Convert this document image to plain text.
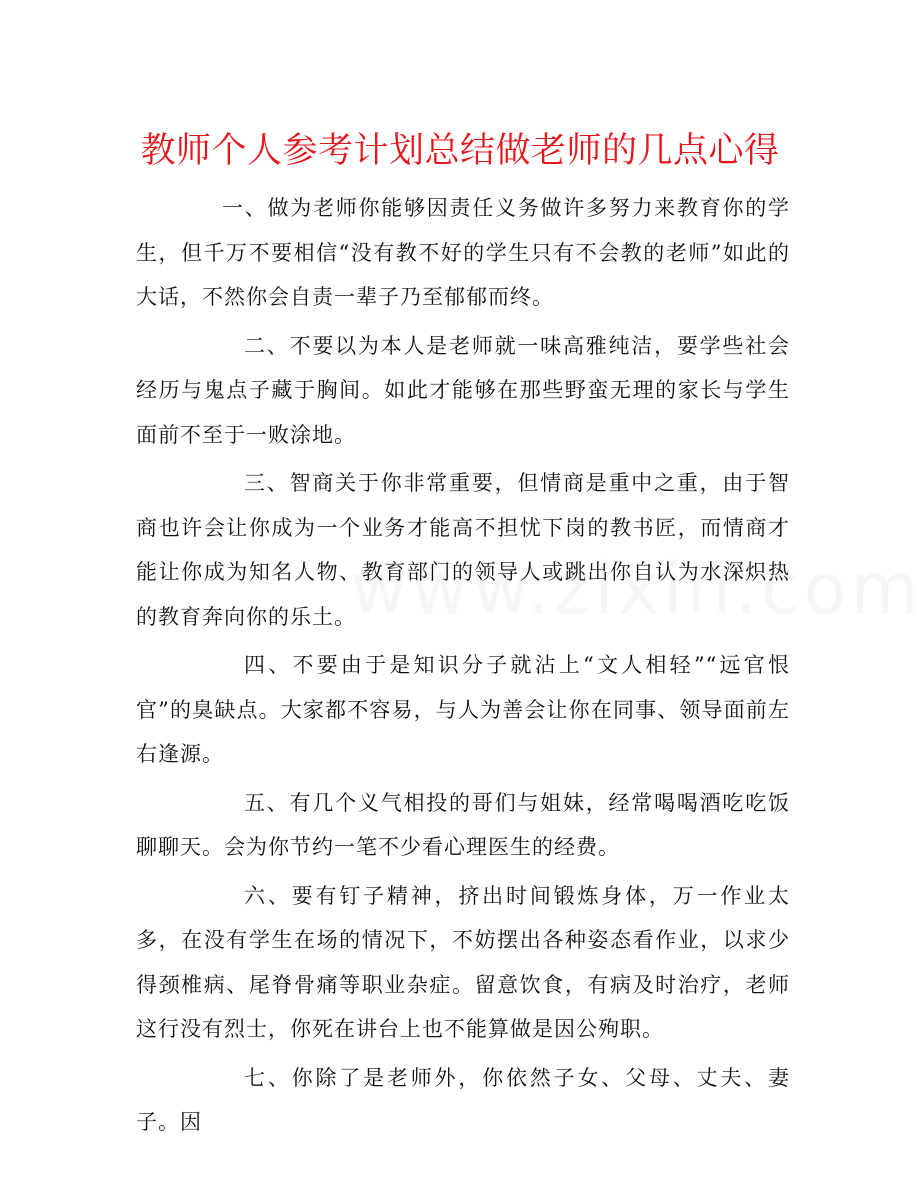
教师个人参考计划总结做老师的几点心得

一、做为老师你能够因责任义务做许多努力来教育你的学生，但千万不要相信“没有教不好的学生只有不会教的老师”如此的大话，不然你会自责一辈子乃至郁郁而终。

二、不要以为本人是老师就一味高雅纯洁，要学些社会经历与鬼点子藏于胸间。如此才能够在那些野蛮无理的家长与学生面前不至于一败涂地。

三、智商关于你非常重要，但情商是重中之重，由于智商也许会让你成为一个业务才能高不担忧下岗的教书匠，而情商才能让你成为知名人物、教育部门的领导人或跳出你自认为水深炽热的教育奔向你的乐土。

四、不要由于是知识分子就沾上“文人相轻”“远官恨官”的臭缺点。大家都不容易，与人为善会让你在同事、领导面前左右逢源。

五、有几个义气相投的哥们与姐妹，经常喝喝酒吃吃饭聊聊天。会为你节约一笔不少看心理医生的经费。

六、要有钉子精神，挤出时间锻炼身体，万一作业太多，在没有学生在场的情况下，不妨摆出各种姿态看作业，以求少得颈椎病、尾脊骨痛等职业杂症。留意饮食，有病及时治疗，老师这行没有烈士，你死在讲台上也不能算做是因公殉职。

七、你除了是老师外，你依然子女、父母、丈夫、妻子。因
